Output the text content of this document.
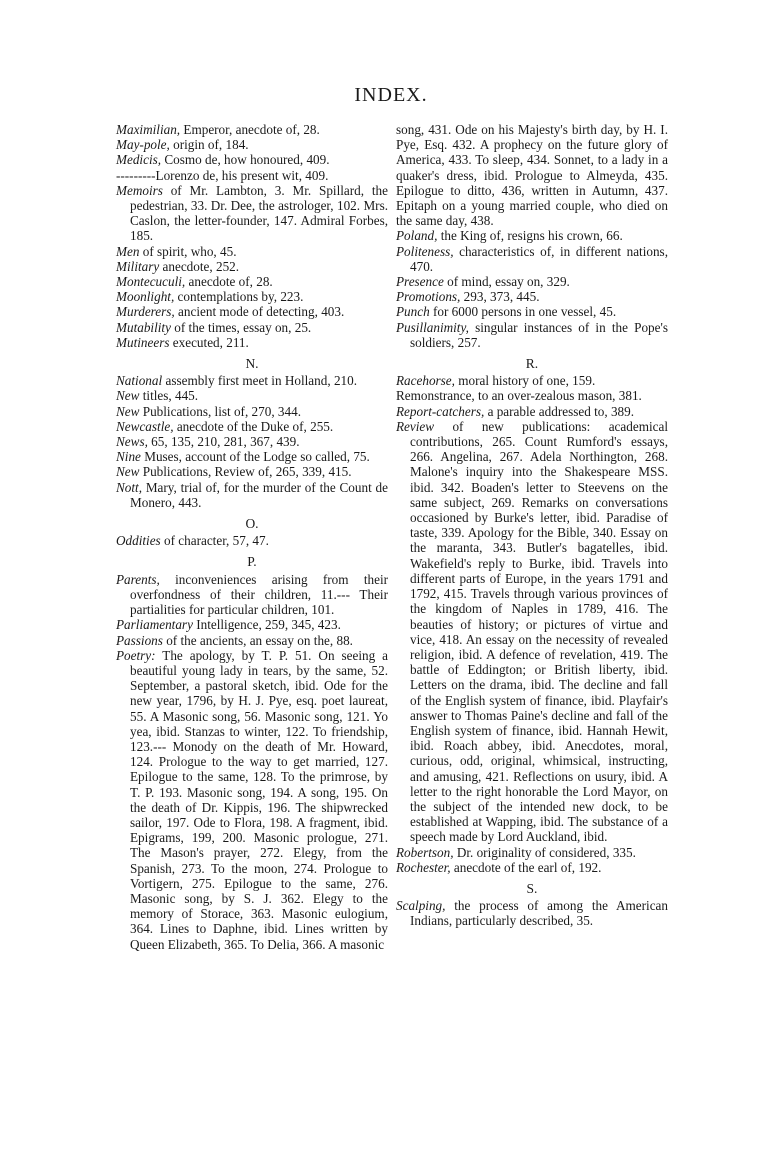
INDEX.

Maximilian, Emperor, anecdote of, 28.

May-pole, origin of, 184.

Medicis, Cosmo de, how honoured, 409.

---------Lorenzo de, his present wit, 409.

Memoirs of Mr. Lambton, 3. Mr. Spillard, the pedestrian, 33. Dr. Dee, the astrologer, 102. Mrs. Caslon, the letter-founder, 147. Admiral Forbes, 185.

Men of spirit, who, 45.

Military anecdote, 252.

Montecuculi, anecdote of, 28.

Moonlight, contemplations by, 223.

Murderers, ancient mode of detecting, 403.

Mutability of the times, essay on, 25.

Mutineers executed, 211.

N.

National assembly first meet in Holland, 210.

New titles, 445.

New Publications, list of, 270, 344.

Newcastle, anecdote of the Duke of, 255.

News, 65, 135, 210, 281, 367, 439.

Nine Muses, account of the Lodge so called, 75.

New Publications, Review of, 265, 339, 415.

Nott, Mary, trial of, for the murder of the Count de Monero, 443.

O.

Oddities of character, 57, 47.

P.

Parents, inconveniences arising from their overfondness of their children, 11.--- Their partialities for particular children, 101.

Parliamentary Intelligence, 259, 345, 423.

Passions of the ancients, an essay on the, 88.

Poetry: The apology, by T. P. 51. On seeing a beautiful young lady in tears, by the same, 52. September, a pastoral sketch, ibid. Ode for the new year, 1796, by H. J. Pye, esq. poet laureat, 55. A Masonic song, 56. Masonic song, 121. Yo yea, ibid. Stanzas to winter, 122. To friendship, 123.--- Monody on the death of Mr. Howard, 124. Prologue to the way to get married, 127. Epilogue to the same, 128. To the primrose, by T. P. 193. Masonic song, 194. A song, 195. On the death of Dr. Kippis, 196. The shipwrecked sailor, 197. Ode to Flora, 198. A fragment, ibid. Epigrams, 199, 200. Masonic prologue, 271. The Mason's prayer, 272. Elegy, from the Spanish, 273. To the moon, 274. Prologue to Vortigern, 275. Epilogue to the same, 276. Masonic song, by S. J. 362. Elegy to the memory of Storace, 363. Masonic eulogium, 364. Lines to Daphne, ibid. Lines written by Queen Elizabeth, 365. To Delia, 366. A masonic

song, 431. Ode on his Majesty's birth day, by H. I. Pye, Esq. 432. A prophecy on the future glory of America, 433. To sleep, 434. Sonnet, to a lady in a quaker's dress, ibid. Prologue to Almeyda, 435. Epilogue to ditto, 436, written in Autumn, 437. Epitaph on a young married couple, who died on the same day, 438.

Poland, the King of, resigns his crown, 66.

Politeness, characteristics of, in different nations, 470.

Presence of mind, essay on, 329.

Promotions, 293, 373, 445.

Punch for 6000 persons in one vessel, 45.

Pusillanimity, singular instances of in the Pope's soldiers, 257.

R.

Racehorse, moral history of one, 159.

Remonstrance, to an over-zealous mason, 381.

Report-catchers, a parable addressed to, 389.

Review of new publications: academical contributions, 265. Count Rumford's essays, 266. Angelina, 267. Adela Northington, 268. Malone's inquiry into the Shakespeare MSS. ibid. 342. Boaden's letter to Steevens on the same subject, 269. Remarks on conversations occasioned by Burke's letter, ibid. Paradise of taste, 339. Apology for the Bible, 340. Essay on the maranta, 343. Butler's bagatelles, ibid. Wakefield's reply to Burke, ibid. Travels into different parts of Europe, in the years 1791 and 1792, 415. Travels through various provinces of the kingdom of Naples in 1789, 416. The beauties of history; or pictures of virtue and vice, 418. An essay on the necessity of revealed religion, ibid. A defence of revelation, 419. The battle of Eddington; or British liberty, ibid. Letters on the drama, ibid. The decline and fall of the English system of finance, ibid. Playfair's answer to Thomas Paine's decline and fall of the English system of finance, ibid. Hannah Hewit, ibid. Roach abbey, ibid. Anecdotes, moral, curious, odd, original, whimsical, instructing, and amusing, 421. Reflections on usury, ibid. A letter to the right honorable the Lord Mayor, on the subject of the intended new dock, to be established at Wapping, ibid. The substance of a speech made by Lord Auckland, ibid.

Robertson, Dr. originality of considered, 335.

Rochester, anecdote of the earl of, 192.

S.

Scalping, the process of among the American Indians, particularly described, 35.
